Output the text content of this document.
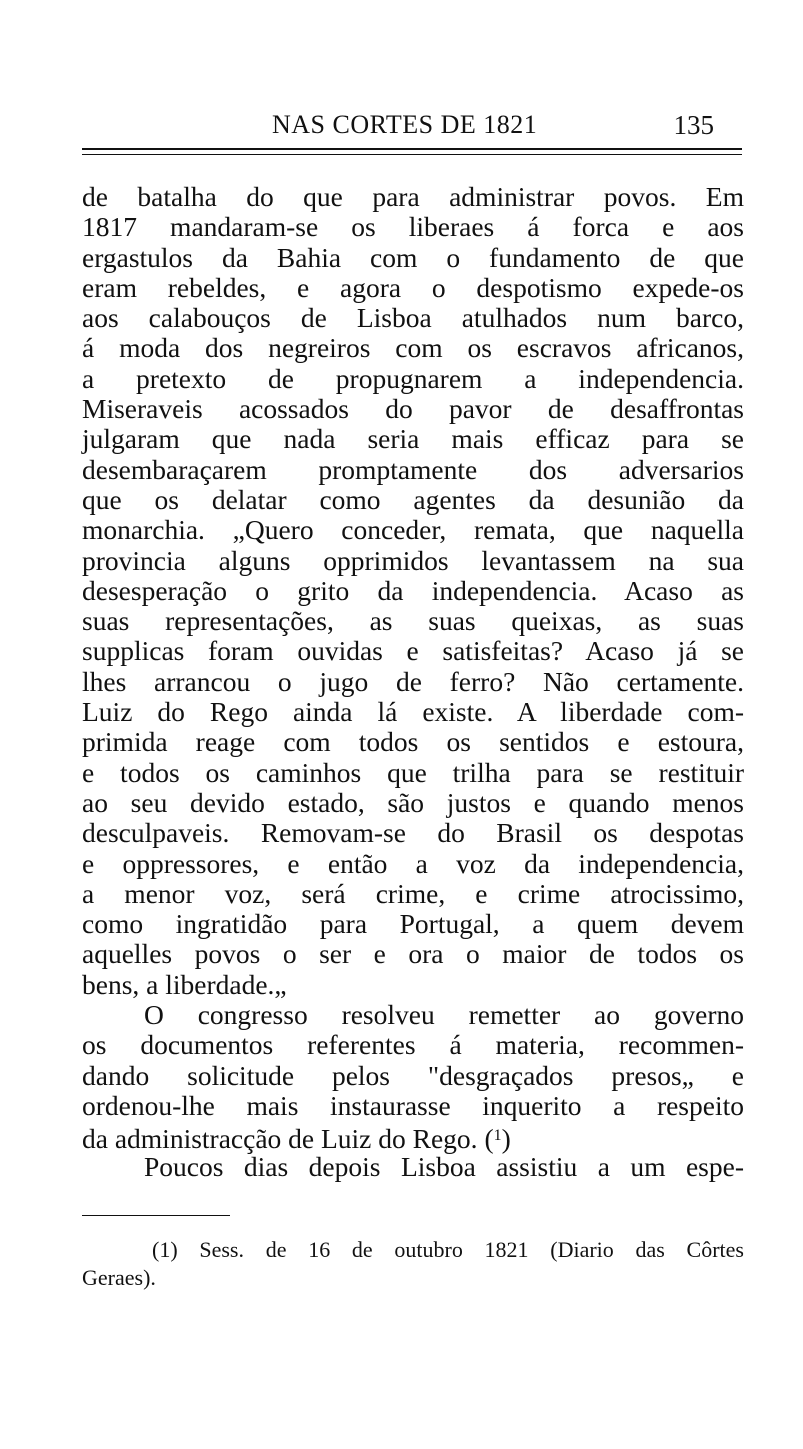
NAS CORTES DE 1821	135
de batalha do que para administrar povos. Em
1817 mandaram-se os liberaes á forca e aos
ergastulos da Bahia com o fundamento de que
eram rebeldes, e agora o despotismo expede-os
aos calabouços de Lisboa atulhados num barco,
á moda dos negreiros com os escravos africanos,
a pretexto de propugnarem a independencia.
Miseraveis acossados do pavor de desaffrontas
julgaram que nada seria mais efficaz para se
desembaraçarem promptamente dos adversarios
que os delatar como agentes da desunião da
monarchia. „Quero conceder, remata, que naquella
provincia alguns opprimidos levantassem na sua
desesperação o grito da independencia. Acaso as
suas representações, as suas queixas, as suas
supplicas foram ouvidas e satisfeitas? Acaso já se
lhes arrancou o jugo de ferro? Não certamente.
Luiz do Rego ainda lá existe. A liberdade com-
primida reage com todos os sentidos e estoura,
e todos os caminhos que trilha para se restituir
ao seu devido estado, são justos e quando menos
desculpaveis. Removam-se do Brasil os despotas
e oppressores, e então a voz da independencia,
a menor voz, será crime, e crime atrocissimo,
como ingratidão para Portugal, a quem devem
aquelles povos o ser e ora o maior de todos os
bens, a liberdade.„
O congresso resolveu remetter ao governo
os documentos referentes á materia, recommen-
dando solicitude pelos "desgraçados presos„ e
ordenou-lhe mais instaurasse inquerito a respeito
da administracção de Luiz do Rego. ($^1$)
Poucos dias depois Lisboa assistiu a um espe-
(1) Sess. de 16 de outubro 1821 (Diario das Côrtes
Geraes).
